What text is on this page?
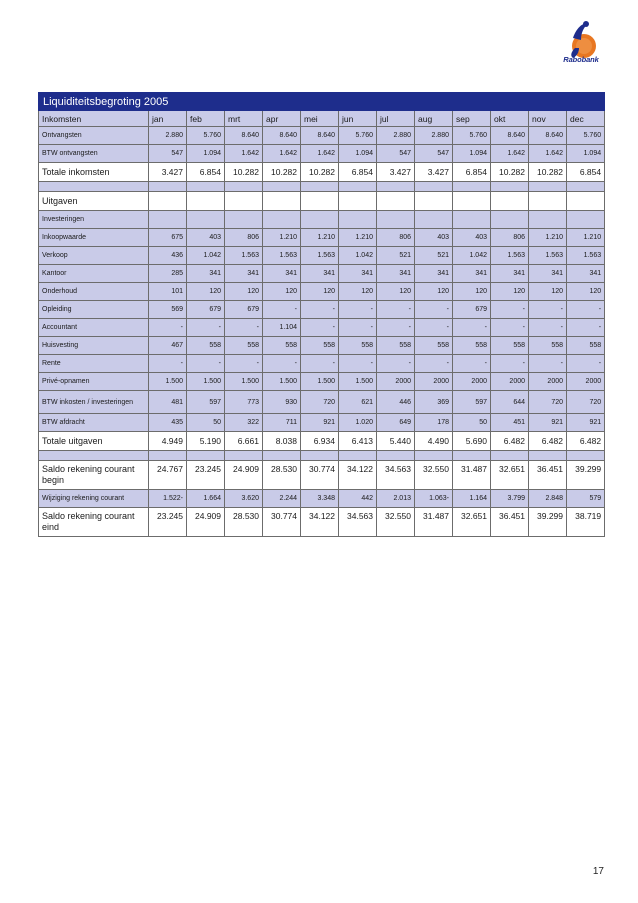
Rabobank
Liquiditeitsbegroting 2005												
Inkomsten	jan	feb	mrt	apr	mei	jun	jul	aug	sep	okt	nov	dec
Ontvangsten	2.880	5.760	8.640	8.640	8.640	5.760	2.880	2.880	5.760	8.640	8.640	5.760
BTW ontvangsten	547	1.094	1.642	1.642	1.642	1.094	547	547	1.094	1.642	1.642	1.094
Totale inkomsten	3.427	6.854	10.282	10.282	10.282	6.854	3.427	3.427	6.854	10.282	10.282	6.854

Uitgaven												
Investeringen												
Inkoopwaarde	675	403	806	1.210	1.210	1.210	806	403	403	806	1.210	1.210
Verkoop	436	1.042	1.563	1.563	1.563	1.042	521	521	1.042	1.563	1.563	1.563
Kantoor	285	341	341	341	341	341	341	341	341	341	341	341
Onderhoud	101	120	120	120	120	120	120	120	120	120	120	120
Opleiding	569	679	679	-	-	-	-	-	679	-	-	-
Accountant	-	-	-	1.104	-	-	-	-	-	-	-	-
Huisvesting	467	558	558	558	558	558	558	558	558	558	558	558
Rente	-	-	-	-	-	-	-	-	-	-	-	-
Privé-opnamen	1.500	1.500	1.500	1.500	1.500	1.500	2000	2000	2000	2000	2000	2000
BTW inkosten / investeringen	481	597	773	930	720	621	446	369	597	644	720	720
BTW afdracht	435	50	322	711	921	1.020	649	178	50	451	921	921
Totale uitgaven	4.949	5.190	6.661	8.038	6.934	6.413	5.440	4.490	5.690	6.482	6.482	6.482

Saldo rekening courant begin	24.767	23.245	24.909	28.530	30.774	34.122	34.563	32.550	31.487	32.651	36.451	39.299
Wijziging rekening courant	1.522-	1.664	3.620	2.244	3.348	442	2.013	1.063-	1.164	3.799	2.848	579
Saldo rekening courant eind	23.245	24.909	28.530	30.774	34.122	34.563	32.550	31.487	32.651	36.451	39.299	38.719
17
